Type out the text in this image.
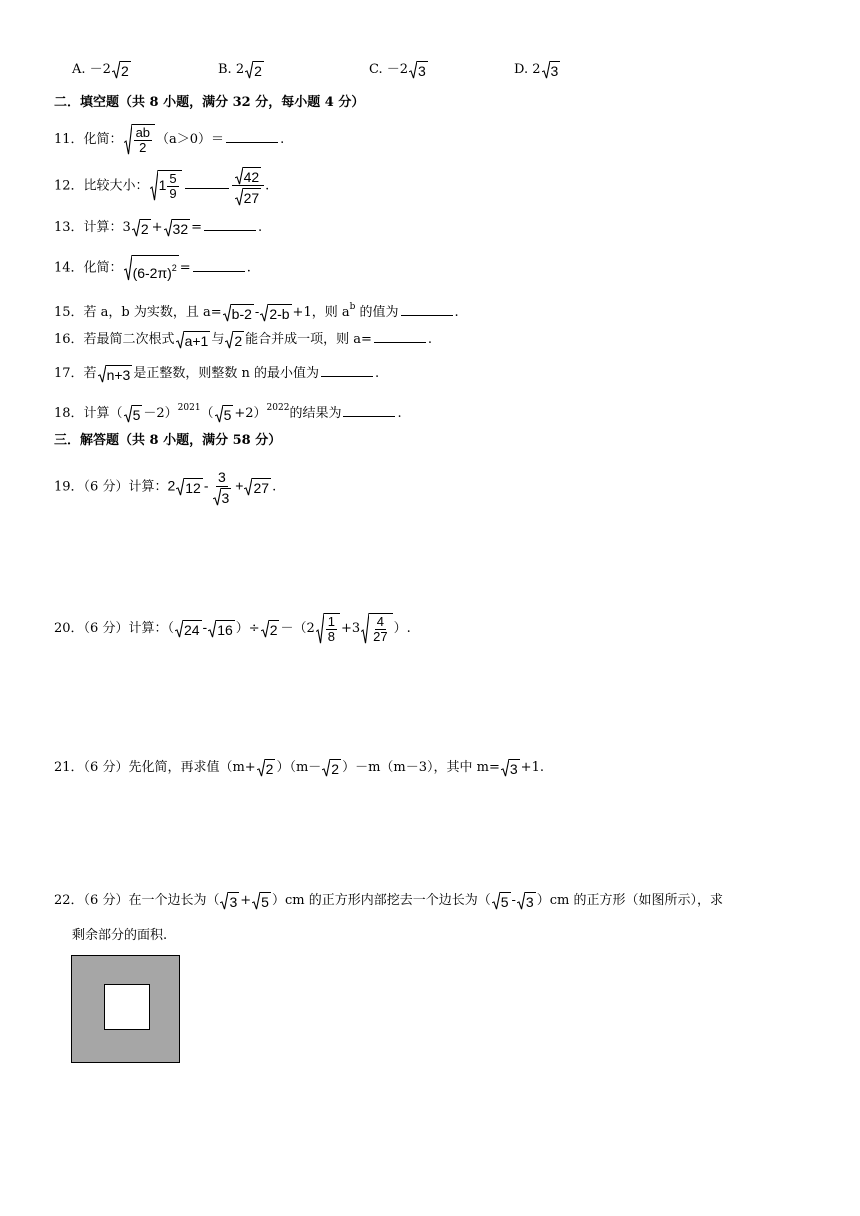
A. －2 2	B. 2 2	C. －2 3	D. 2 3
二．填空题（共 8 小题，满分 32 分，每小题 4 分）
11．化简： $\frac{ab}{2} (a>0)=$	.
12．比较大小： $1 \frac{5}{9}$	$\frac{42}{27}$ .
13．计算：3 2 + 32 =	.
14．化简： $(6-2\pi)^2$ =	.
15．若 a，b 为实数，且 a= b-2 - 2-b +1，则 $a^b$ 的值为	.
16．若最简二次根式 a+1 与 2 能合并成一项，则 a=	.
17．若 n+3 是正整数，则整数 n 的最小值为	.
18．计算（ 5 －2）$^{2021}$（ 5 +2）$^{2022}$的结果为	.
三．解答题（共 8 小题，满分 58 分）
19．（6 分）计算：2 $12 - \frac{3}{3} + 27$ .
20．（6 分）计算：（ 24 - 16 ）÷ $2 -(2 \frac{1}{8} +3 \frac{4}{27}$ ）.
21．（6 分）先化简，再求值（m+ 2 ）（m－ 2 ）－m（m－3），其中 m= 3 +1.
22．（6 分）在一个边长为（ 3 + 5 ）cm 的正方形内部挖去一个边长为（ 5 - 3 ）cm 的正方形（如图所示），求
剩余部分的面积.
